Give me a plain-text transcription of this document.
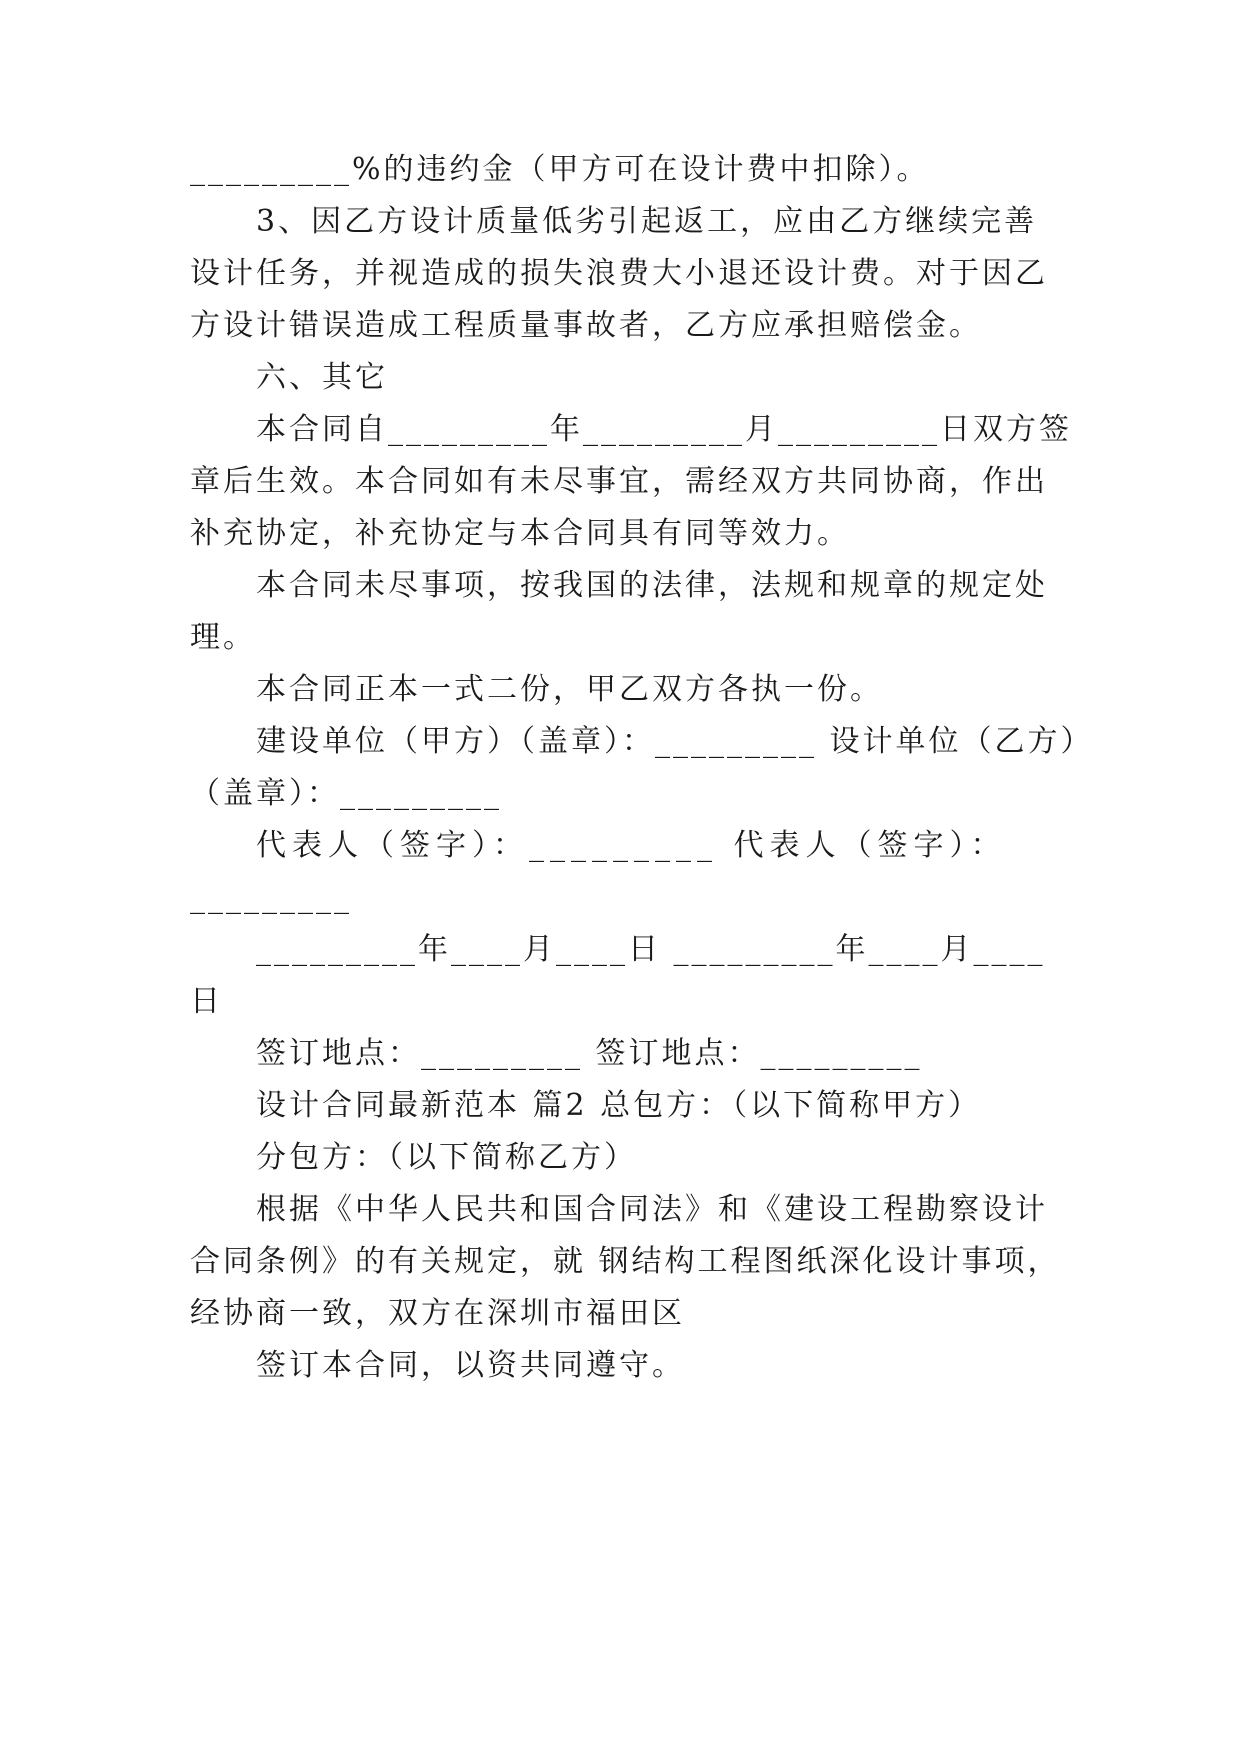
_________%的违约金（甲方可在设计费中扣除）。
3、因乙方设计质量低劣引起返工，应由乙方继续完善
设计任务，并视造成的损失浪费大小退还设计费。对于因乙
方设计错误造成工程质量事故者，乙方应承担赔偿金。
六、其它
本合同自_________年_________月_________日双方签
章后生效。本合同如有未尽事宜，需经双方共同协商，作出
补充协定，补充协定与本合同具有同等效力。
本合同未尽事项，按我国的法律，法规和规章的规定处
理。
本合同正本一式二份，甲乙双方各执一份。
建设单位（甲方）（盖章）：_________ 设计单位（乙方）
（盖章）：_________
代表人（签字）：_________ 代表人（签字）：
_________
_________年____月____日 _________年____月____
日
签订地点：_________ 签订地点：_________
设计合同最新范本 篇2 总包方：（以下简称甲方）
分包方：（以下简称乙方）
根据《中华人民共和国合同法》和《建设工程勘察设计
合同条例》的有关规定，就 钢结构工程图纸深化设计事项，
经协商一致，双方在深圳市福田区
签订本合同，以资共同遵守。
